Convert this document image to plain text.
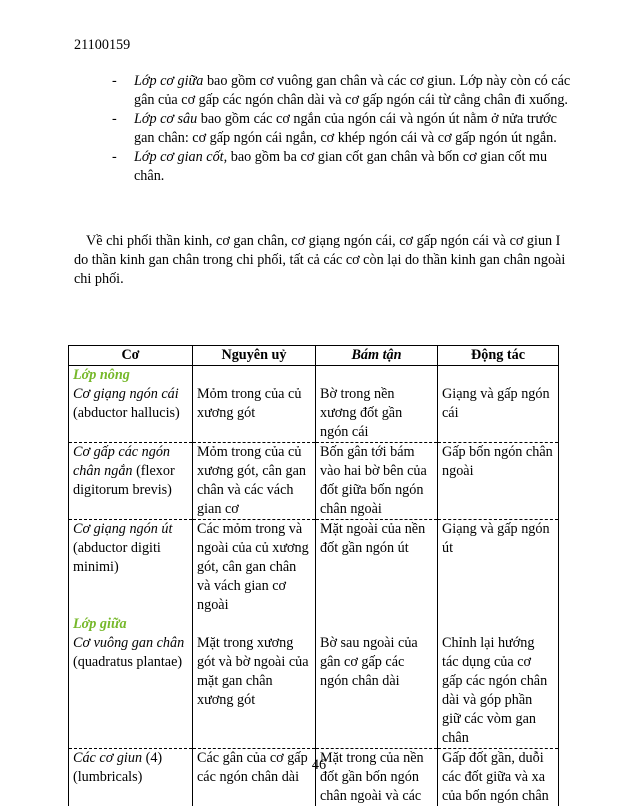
21100159
- Lớp cơ giữa bao gồm cơ vuông gan chân và các cơ giun. Lớp này còn có các gân của cơ gấp các ngón chân dài và cơ gấp ngón cái từ cẳng chân đi xuống.
- Lớp cơ sâu bao gồm các cơ ngắn của ngón cái và ngón út nằm ở nửa trước gan chân: cơ gấp ngón cái ngắn, cơ khép ngón cái và cơ gấp ngón út ngắn.
- Lớp cơ gian cốt, bao gồm ba cơ gian cốt gan chân và bốn cơ gian cốt mu chân.

Về chi phối thần kinh, cơ gan chân, cơ giạng ngón cái, cơ gấp ngón cái và cơ giun I do thần kinh gan chân trong chi phối, tất cả các cơ còn lại do thần kinh gan chân ngoài chi phối.

Cơ	Nguyên uỷ	Bám tận	Động tác

Lớp nông
Cơ giạng ngón cái (abductor hallucis)	Mỏm trong của củ xương gót	Bờ trong nền xương đốt gần ngón cái	Giạng và gấp ngón cái
Cơ gấp các ngón chân ngắn (flexor digitorum brevis)	Mỏm trong của củ xương gót, cân gan chân và các vách gian cơ	Bốn gân tới bám vào hai bờ bên của đốt giữa bốn ngón chân ngoài	Gấp bốn ngón chân ngoài
Cơ giạng ngón út (abductor digiti minimi)	Các mỏm trong và ngoài của củ xương gót, cân gan chân và vách gian cơ ngoài	Mặt ngoài của nền đốt gần ngón út	Giạng và gấp ngón út

Lớp giữa
Cơ vuông gan chân (quadratus plantae)	Mặt trong xương gót và bờ ngoài của mặt gan chân xương gót	Bờ sau ngoài của gân cơ gấp các ngón chân dài	Chỉnh lại hướng tác dụng của cơ gấp các ngón chân dài và góp phần giữ các vòm gan chân
Các cơ giun (4) (lumbricals)	Các gân của cơ gấp các ngón chân dài	Mặt trong của nền đốt gần bốn ngón chân ngoài và các	Gấp đốt gần, duỗi các đốt giữa và xa của bốn ngón chân
46
